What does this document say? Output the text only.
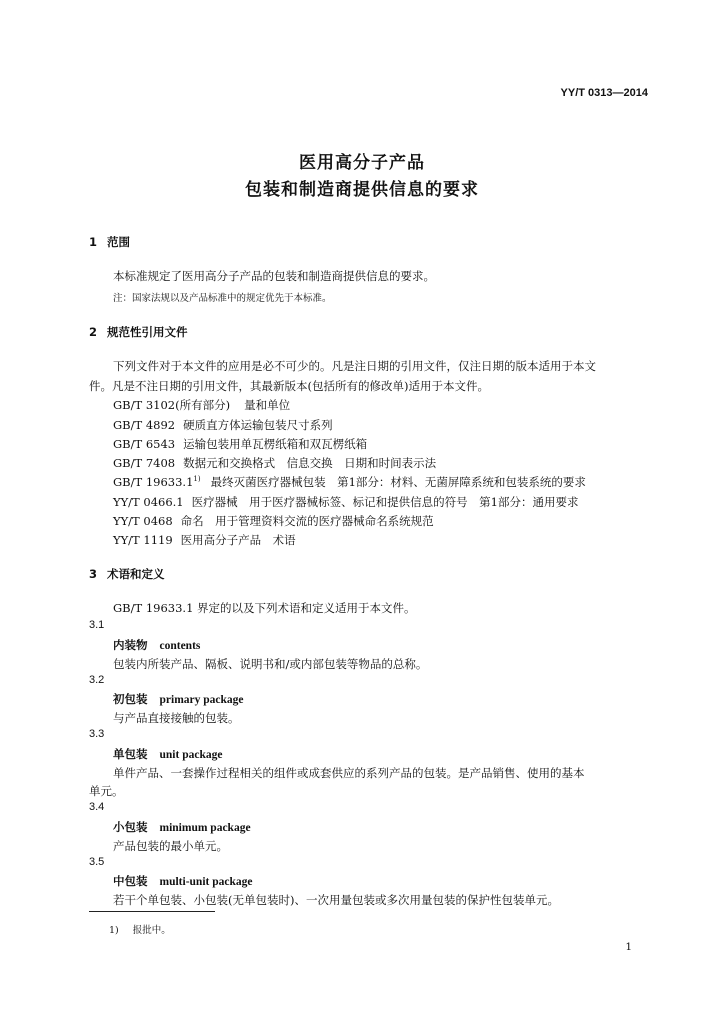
YY/T 0313—2014

医用高分子产品

包装和制造商提供信息的要求

1 范围

本标准规定了医用高分子产品的包装和制造商提供信息的要求。

注：国家法规以及产品标准中的规定优先于本标准。

2 规范性引用文件

下列文件对于本文件的应用是必不可少的。凡是注日期的引用文件，仅注日期的版本适用于本文

件。凡是不注日期的引用文件，其最新版本(包括所有的修改单)适用于本文件。

GB/T 3102(所有部分) 量和单位

GB/T 4892 硬质直方体运输包装尺寸系列

GB/T 6543 运输包装用单瓦楞纸箱和双瓦楞纸箱

GB/T 7408 数据元和交换格式　信息交换　日期和时间表示法

GB/T 19633.1$^{1)}$ 最终灭菌医疗器械包装　第1部分：材料、无菌屏障系统和包装系统的要求

YY/T 0466.1 医疗器械　用于医疗器械标签、标记和提供信息的符号　第1部分：通用要求

YY/T 0468 命名　用于管理资料交流的医疗器械命名系统规范

YY/T 1119 医用高分子产品　术语

3 术语和定义

GB/T 19633.1 界定的以及下列术语和定义适用于本文件。

3.1

内装物 contents

包装内所装产品、隔板、说明书和/或内部包装等物品的总称。

3.2

初包装 primary package

与产品直接接触的包装。

3.3

单包装 unit package

单件产品、一套操作过程相关的组件或成套供应的系列产品的包装。是产品销售、使用的基本

单元。

3.4

小包装 minimum package

产品包装的最小单元。

3.5

中包装 multi-unit package

若干个单包装、小包装(无单包装时)、一次用量包装或多次用量包装的保护性包装单元。

1) 报批中。

1
